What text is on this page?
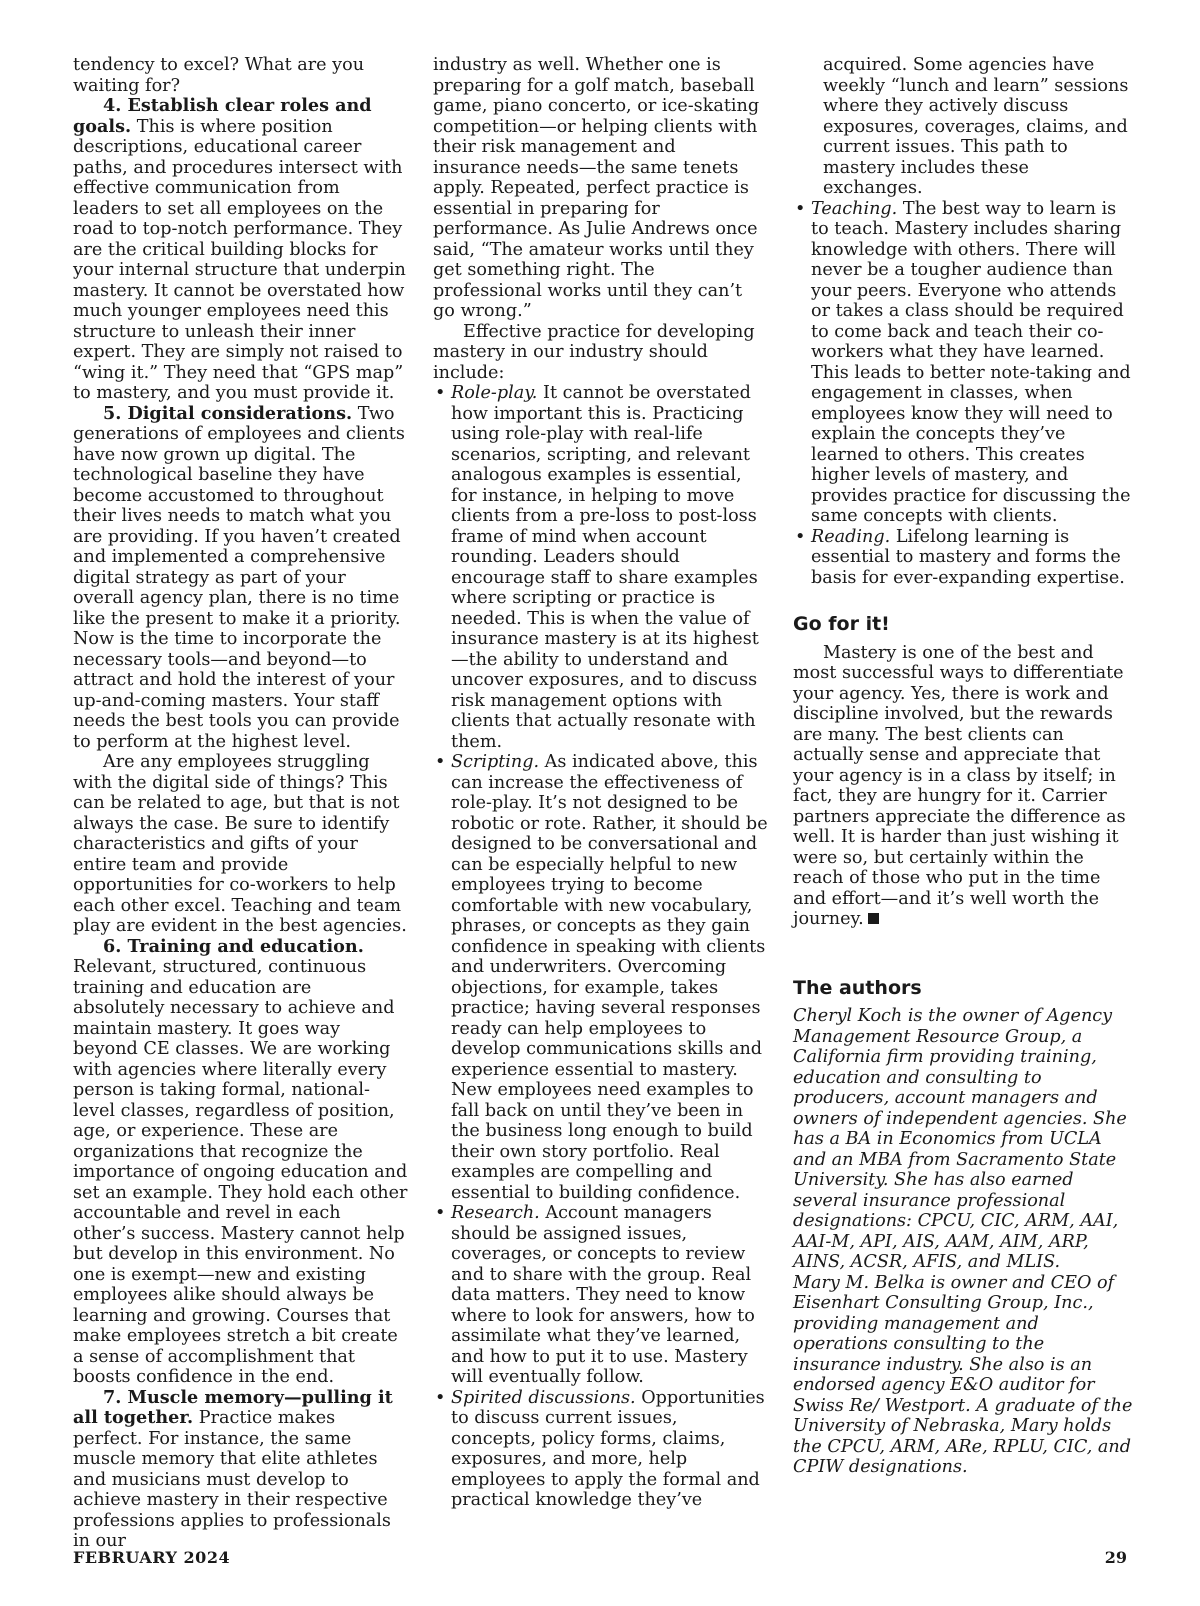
tendency to excel? What are you waiting for?

4. Establish clear roles and goals. This is where position descriptions, educational career paths, and procedures intersect with effective communication from leaders to set all employees on the road to top-notch performance. They are the critical building blocks for your internal structure that underpin mastery. It cannot be overstated how much younger employees need this structure to unleash their inner expert. They are simply not raised to “wing it.” They need that “GPS map” to mastery, and you must provide it.

5. Digital considerations. Two generations of employees and clients have now grown up digital. The technological baseline they have become accustomed to throughout their lives needs to match what you are providing. If you haven’t created and implemented a comprehensive digital strategy as part of your overall agency plan, there is no time like the present to make it a priority. Now is the time to incorporate the necessary tools—and beyond—to attract and hold the interest of your up-and-coming masters. Your staff needs the best tools you can provide to perform at the highest level.

Are any employees struggling with the digital side of things? This can be related to age, but that is not always the case. Be sure to identify characteristics and gifts of your entire team and provide opportunities for co-workers to help each other excel. Teaching and team play are evident in the best agencies.

6. Training and education. Relevant, structured, continuous training and education are absolutely necessary to achieve and maintain mastery. It goes way beyond CE classes. We are working with agencies where literally every person is taking formal, national-level classes, regardless of position, age, or experience. These are organizations that recognize the importance of ongoing education and set an example. They hold each other accountable and revel in each other’s success. Mastery cannot help but develop in this environment. No one is exempt—new and existing employees alike should always be learning and growing. Courses that make employees stretch a bit create a sense of accomplishment that boosts confidence in the end.

7. Muscle memory—pulling it all together. Practice makes perfect. For instance, the same muscle memory that elite athletes and musicians must develop to achieve mastery in their respective professions applies to professionals in our

industry as well. Whether one is preparing for a golf match, baseball game, piano concerto, or ice-skating competition—or helping clients with their risk management and insurance needs—the same tenets apply. Repeated, perfect practice is essential in preparing for performance. As Julie Andrews once said, “The amateur works until they get something right. The professional works until they can’t go wrong.”

Effective practice for developing mastery in our industry should include:

• Role-play. It cannot be overstated how important this is. Practicing using role-play with real-life scenarios, scripting, and relevant analogous examples is essential, for instance, in helping to move clients from a pre-loss to post-loss frame of mind when account rounding. Leaders should encourage staff to share examples where scripting or practice is needed. This is when the value of insurance mastery is at its highest—the ability to understand and uncover exposures, and to discuss risk management options with clients that actually resonate with them.
• Scripting. As indicated above, this can increase the effectiveness of role-play. It’s not designed to be robotic or rote. Rather, it should be designed to be conversational and can be especially helpful to new employees trying to become comfortable with new vocabulary, phrases, or concepts as they gain confidence in speaking with clients and underwriters. Overcoming objections, for example, takes practice; having several responses ready can help employees to develop communications skills and experience essential to mastery. New employees need examples to fall back on until they’ve been in the business long enough to build their own story portfolio. Real examples are compelling and essential to building confidence.
• Research. Account managers should be assigned issues, coverages, or concepts to review and to share with the group. Real data matters. They need to know where to look for answers, how to assimilate what they’ve learned, and how to put it to use. Mastery will eventually follow.
• Spirited discussions. Opportunities to discuss current issues, concepts, policy forms, claims, exposures, and more, help employees to apply the formal and practical knowledge they’ve

acquired. Some agencies have weekly “lunch and learn” sessions where they actively discuss exposures, coverages, claims, and current issues. This path to mastery includes these exchanges.

• Teaching. The best way to learn is to teach. Mastery includes sharing knowledge with others. There will never be a tougher audience than your peers. Everyone who attends or takes a class should be required to come back and teach their co-workers what they have learned. This leads to better note-taking and engagement in classes, when employees know they will need to explain the concepts they’ve learned to others. This creates higher levels of mastery, and provides practice for discussing the same concepts with clients.
• Reading. Lifelong learning is essential to mastery and forms the basis for ever-expanding expertise.
Go for it!

Mastery is one of the best and most successful ways to differentiate your agency. Yes, there is work and discipline involved, but the rewards are many. The best clients can actually sense and appreciate that your agency is in a class by itself; in fact, they are hungry for it. Carrier partners appreciate the difference as well. It is harder than just wishing it were so, but certainly within the reach of those who put in the time and effort—and it’s well worth the journey.

The authors

Cheryl Koch is the owner of Agency Management Resource Group, a California firm providing training, education and consulting to producers, account managers and owners of independent agencies. She has a BA in Economics from UCLA and an MBA from Sacramento State University. She has also earned several insurance professional designations: CPCU, CIC, ARM, AAI, AAI-M, API, AIS, AAM, AIM, ARP, AINS, ACSR, AFIS, and MLIS.

Mary M. Belka is owner and CEO of Eisenhart Consulting Group, Inc., providing management and operations consulting to the insurance industry. She also is an endorsed agency E&O auditor for Swiss Re/ Westport. A graduate of the University of Nebraska, Mary holds the CPCU, ARM, ARe, RPLU, CIC, and CPIW designations.

FEBRUARY 2024	29
